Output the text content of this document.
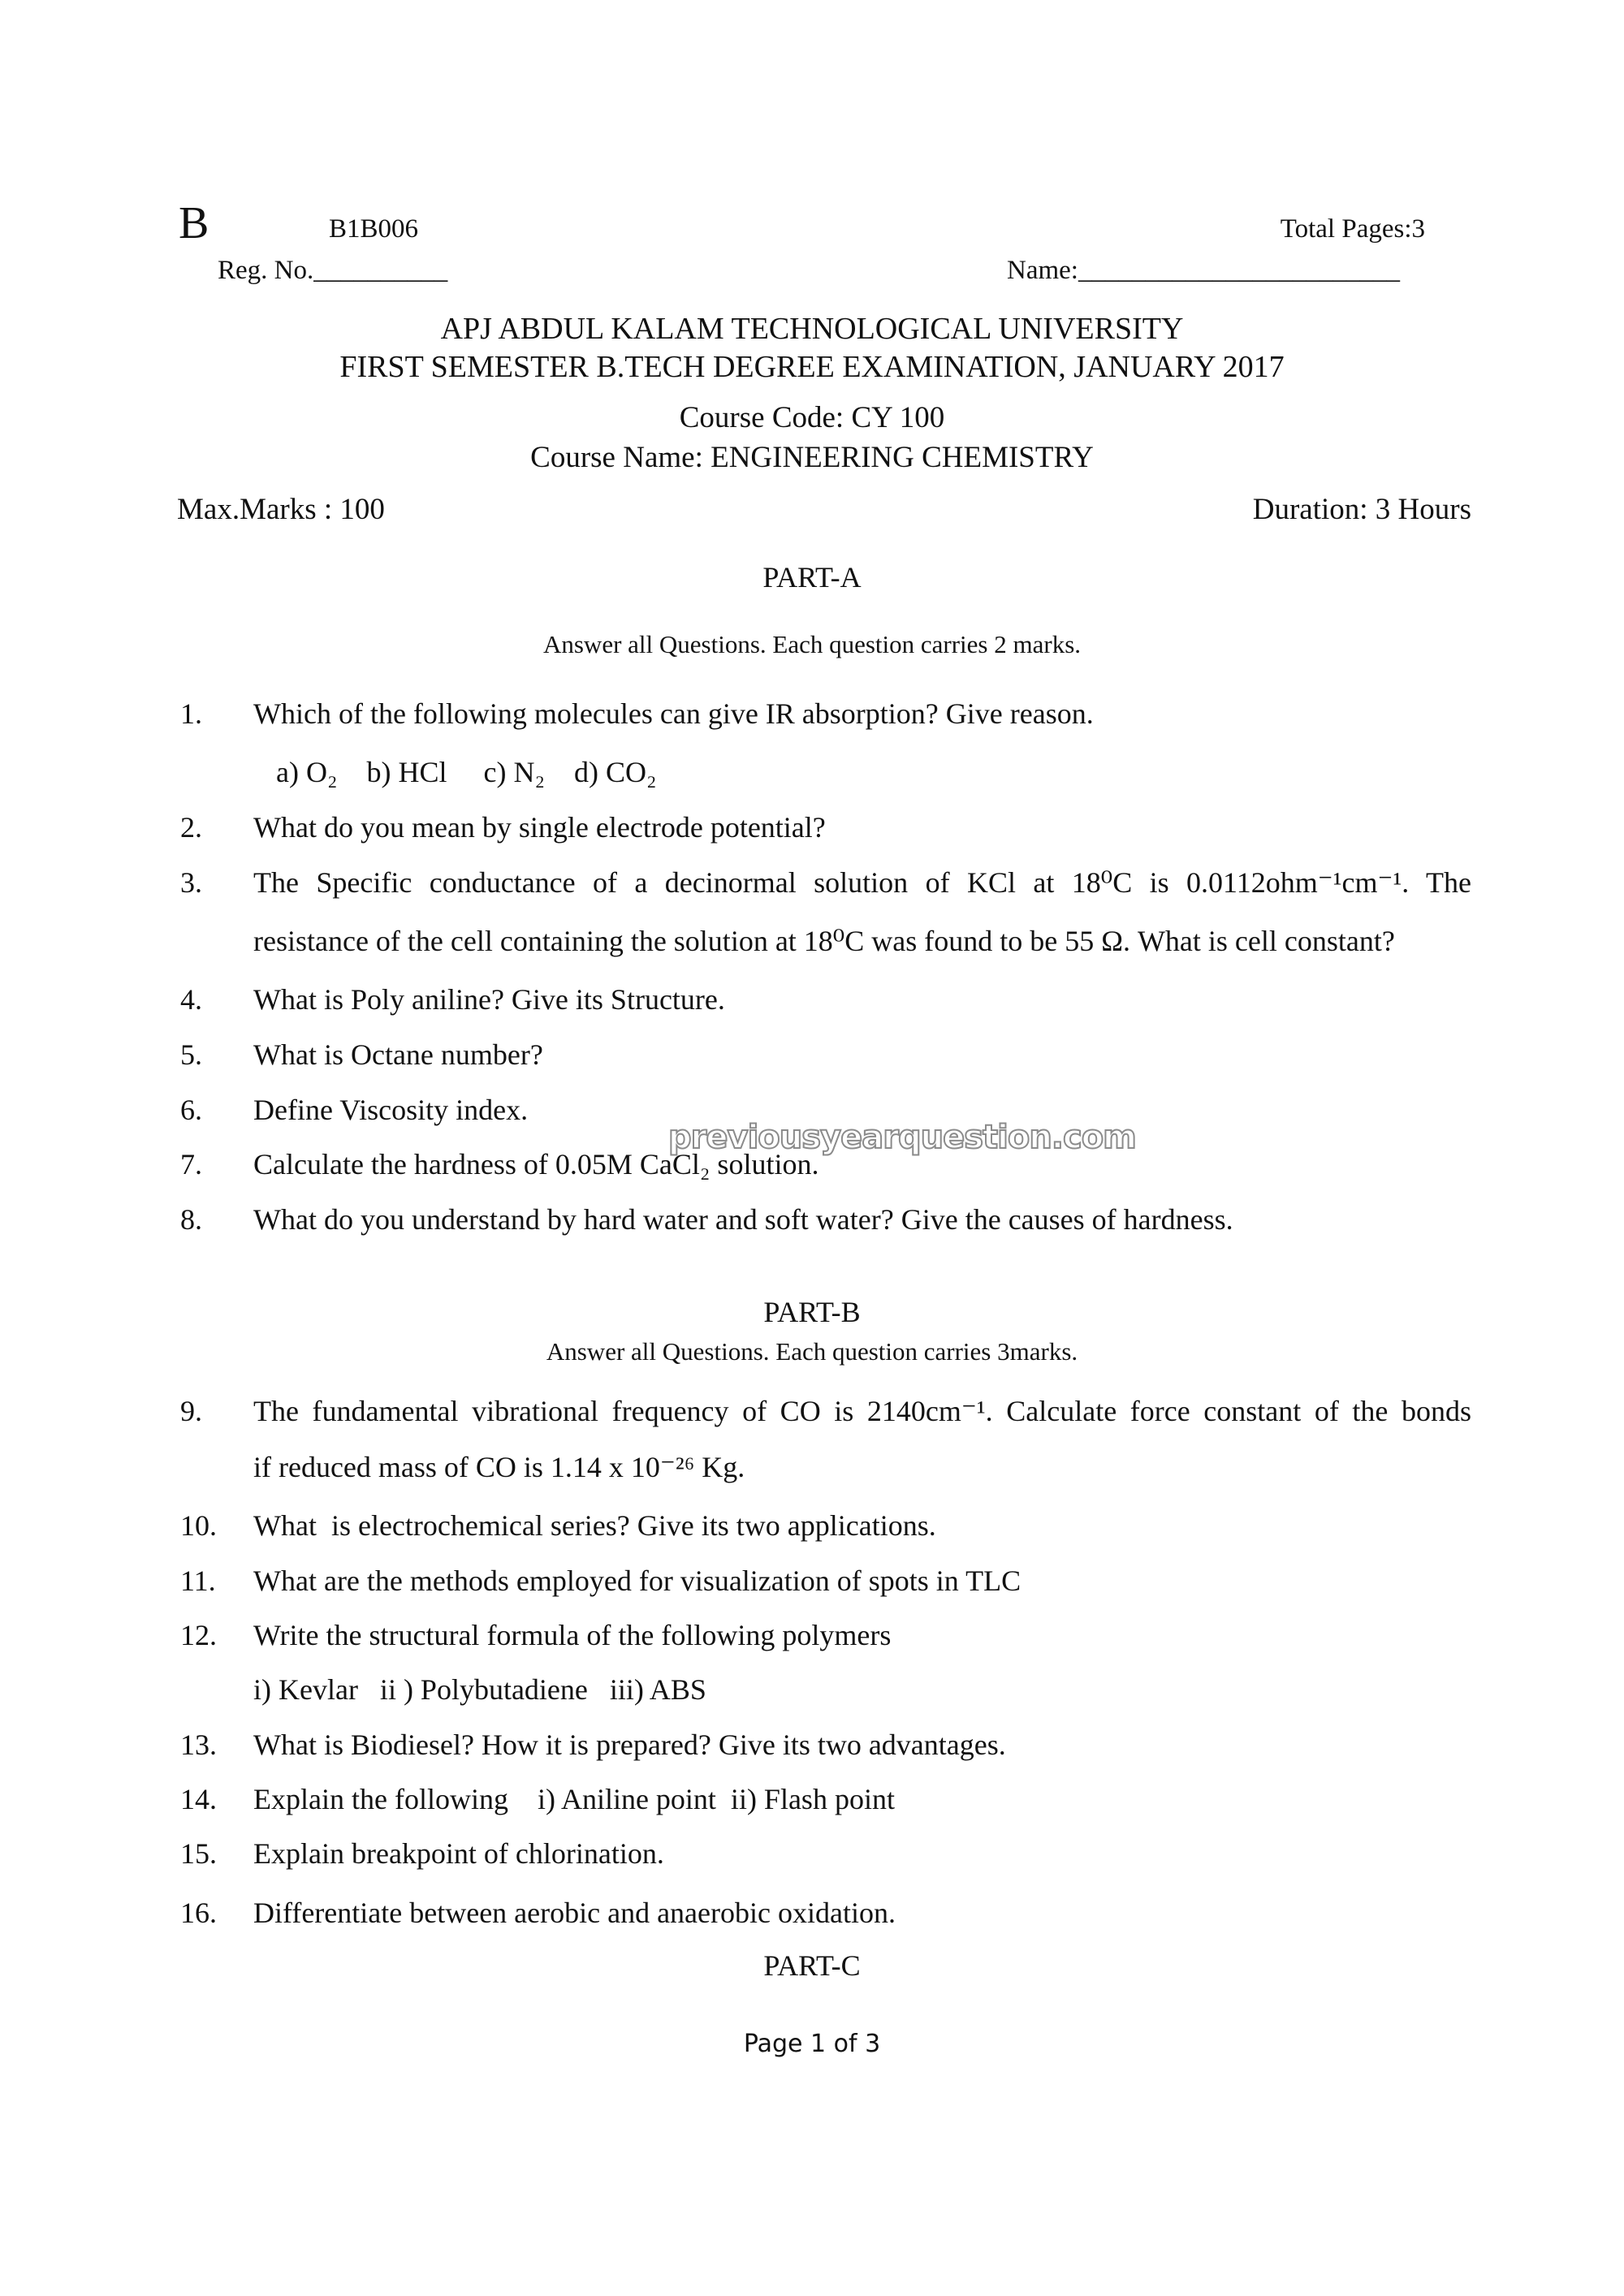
B	B1B006	Total Pages:3
Reg. No.__________	Name:________________________
APJ ABDUL KALAM TECHNOLOGICAL UNIVERSITY
FIRST SEMESTER B.TECH DEGREE EXAMINATION, JANUARY 2017
Course Code: CY 100
Course Name: ENGINEERING CHEMISTRY
Max.Marks : 100	Duration: 3 Hours
PART-A
Answer all Questions. Each question carries 2 marks.
1. Which of the following molecules can give IR absorption? Give reason.
a) O₂    b) HCl     c) N₂    d) CO₂
2. What do you mean by single electrode potential?
3. The Specific conductance of a decinormal solution of KCl at 18⁰C is 0.0112ohm⁻¹cm⁻¹. The
resistance of the cell containing the solution at 18⁰C was found to be 55 Ω. What is cell constant?
4. What is Poly aniline? Give its Structure.
5. What is Octane number?
6. Define Viscosity index.
7. Calculate the hardness of 0.05M CaCl₂ solution.
previousyearquestion.com
8. What do you understand by hard water and soft water? Give the causes of hardness.
PART-B
Answer all Questions. Each question carries 3marks.
9. The fundamental vibrational frequency of CO is 2140cm⁻¹. Calculate force constant of the bonds
if reduced mass of CO is 1.14 x 10⁻²⁶ Kg.
10. What  is electrochemical series? Give its two applications.
11. What are the methods employed for visualization of spots in TLC
12. Write the structural formula of the following polymers
i) Kevlar   ii ) Polybutadiene   iii) ABS
13. What is Biodiesel? How it is prepared? Give its two advantages.
14. Explain the following    i) Aniline point  ii) Flash point
15. Explain breakpoint of chlorination.
16. Differentiate between aerobic and anaerobic oxidation.
PART-C
Page 1 of 3
